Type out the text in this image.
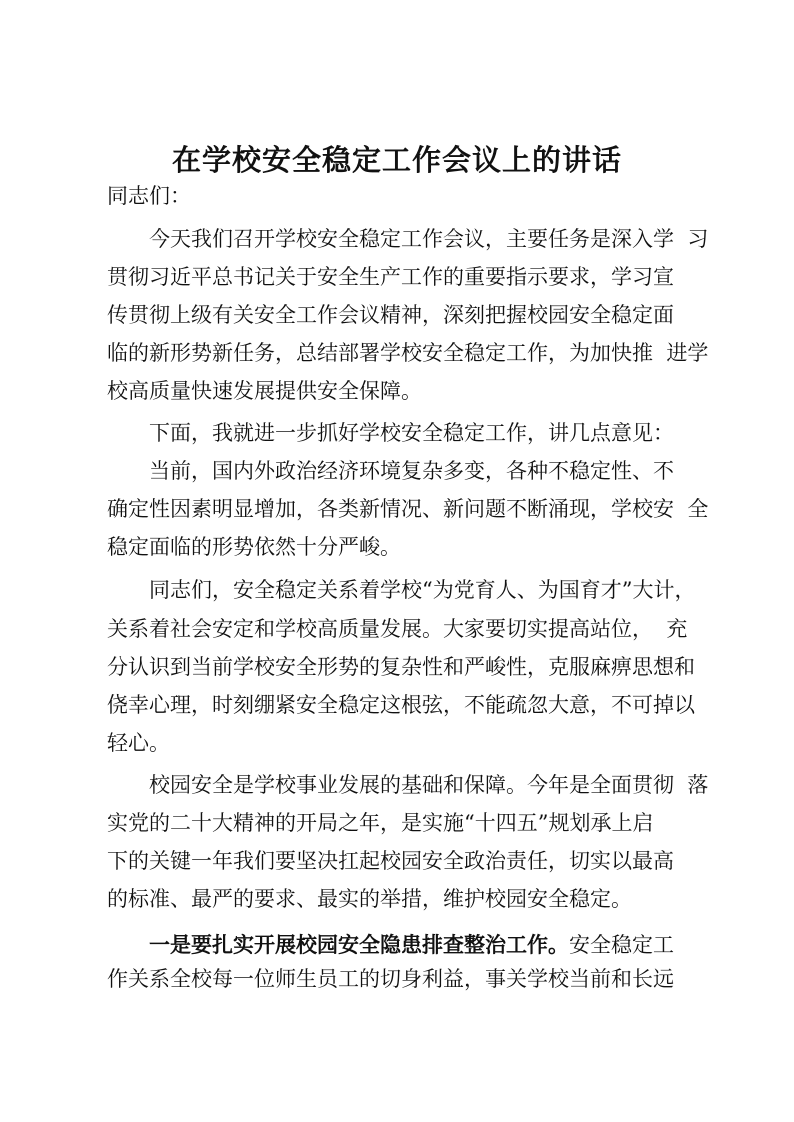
在学校安全稳定工作会议上的讲话
同志们：
今天我们召开学校安全稳定工作会议，主要任务是深入学  习
贯彻习近平总书记关于安全生产工作的重要指示要求，学习宣
传贯彻上级有关安全工作会议精神，深刻把握校园安全稳定面
临的新形势新任务，总结部署学校安全稳定工作，为加快推  进学
校高质量快速发展提供安全保障。
下面，我就进一步抓好学校安全稳定工作，讲几点意见：
当前，国内外政治经济环境复杂多变，各种不稳定性、不
确定性因素明显增加，各类新情况、新问题不断涌现，学校安  全
稳定面临的形势依然十分严峻。
同志们，安全稳定关系着学校“为党育人、为国育才”大计，
关系着社会安定和学校高质量发展。大家要切实提高站位，  充
分认识到当前学校安全形势的复杂性和严峻性，克服麻痹思想和
侥幸心理，时刻绷紧安全稳定这根弦，不能疏忽大意，不可掉以
轻心。
校园安全是学校事业发展的基础和保障。今年是全面贯彻  落
实党的二十大精神的开局之年，是实施“十四五”规划承上启
下的关键一年我们要坚决扛起校园安全政治责任，切实以最高
的标准、最严的要求、最实的举措，维护校园安全稳定。
一是要扎实开展校园安全隐患排查整治工作。安全稳定工
作关系全校每一位师生员工的切身利益，事关学校当前和长远
